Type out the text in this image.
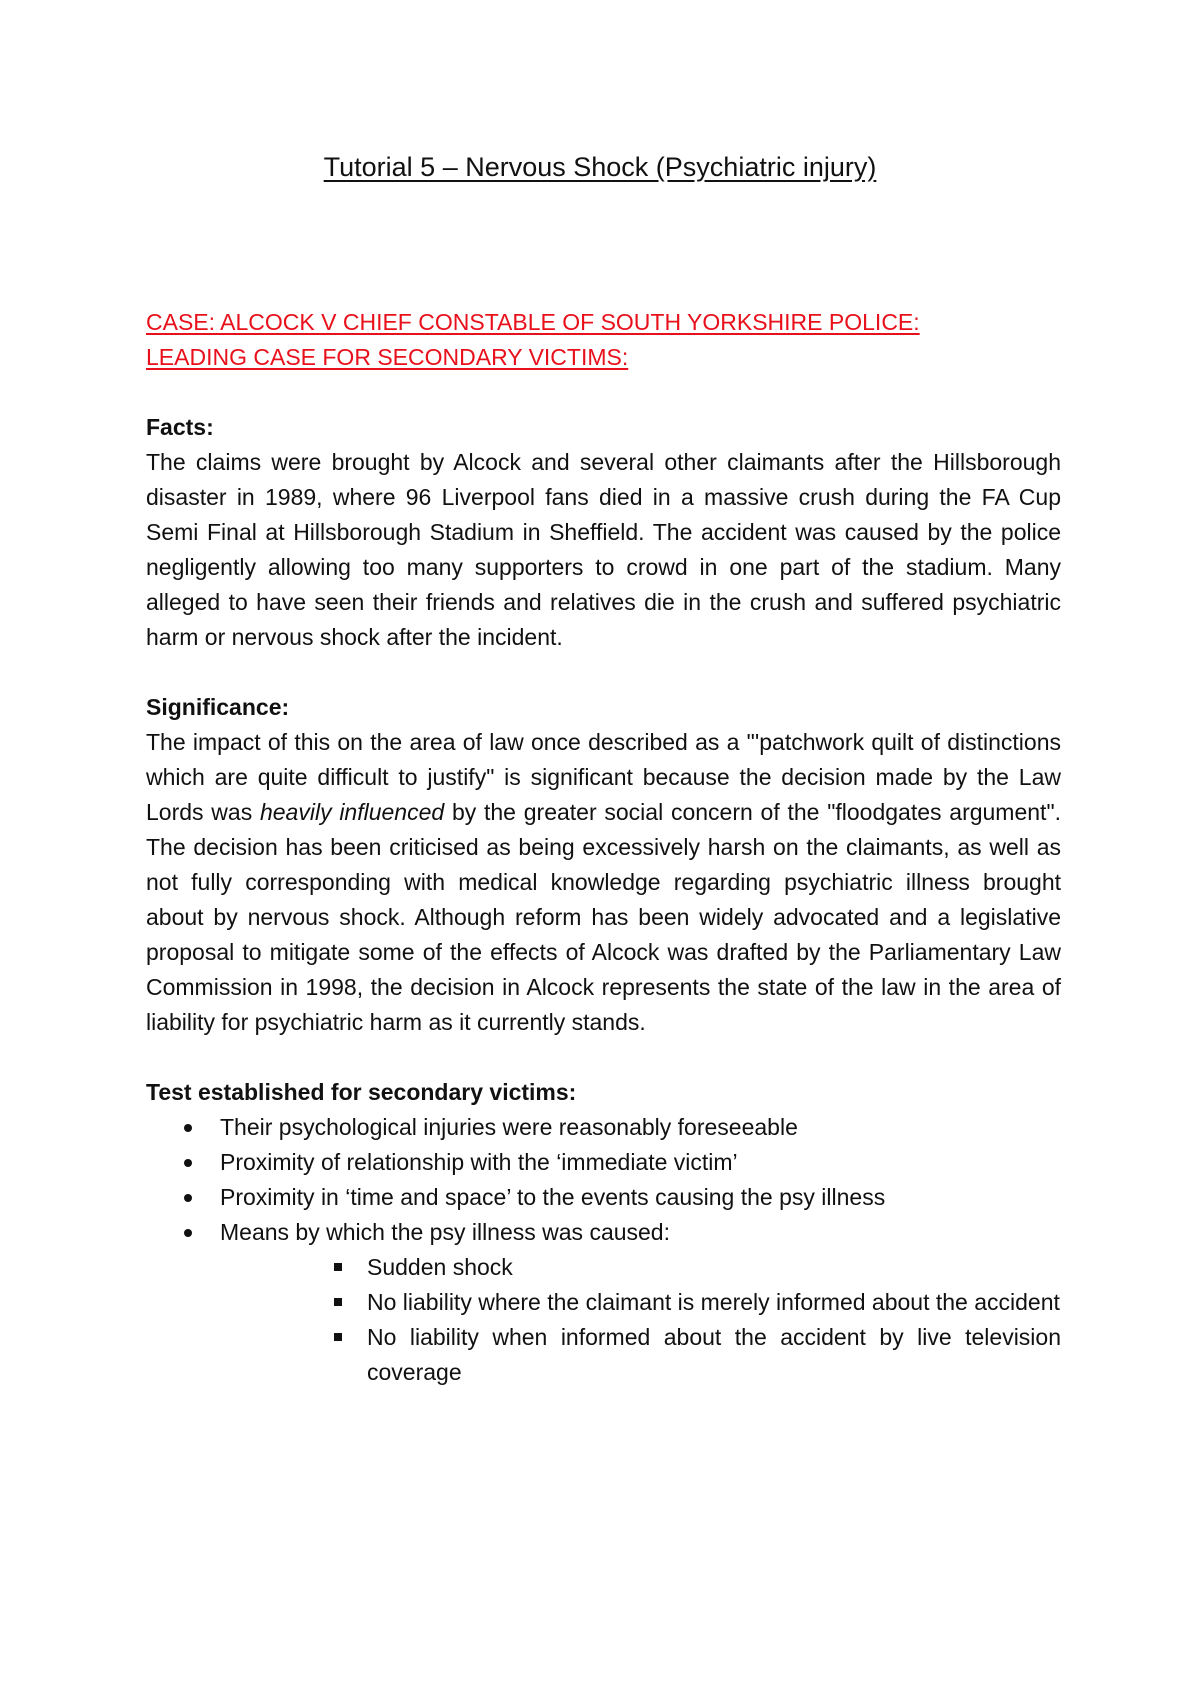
Tutorial 5 – Nervous Shock (Psychiatric injury)

CASE: ALCOCK V CHIEF CONSTABLE OF SOUTH YORKSHIRE POLICE:

LEADING CASE FOR SECONDARY VICTIMS:

Facts:

The claims were brought by Alcock and several other claimants after the Hillsborough disaster in 1989, where 96 Liverpool fans died in a massive crush during the FA Cup Semi Final at Hillsborough Stadium in Sheffield. The accident was caused by the police negligently allowing too many supporters to crowd in one part of the stadium. Many alleged to have seen their friends and relatives die in the crush and suffered psychiatric harm or nervous shock after the incident.

Significance:

The impact of this on the area of law once described as a "'patchwork quilt of distinctions which are quite difficult to justify" is significant because the decision made by the Law Lords was heavily influenced by the greater social concern of the "floodgates argument". The decision has been criticised as being excessively harsh on the claimants, as well as not fully corresponding with medical knowledge regarding psychiatric illness brought about by nervous shock. Although reform has been widely advocated and a legislative proposal to mitigate some of the effects of Alcock was drafted by the Parliamentary Law Commission in 1998, the decision in Alcock represents the state of the law in the area of liability for psychiatric harm as it currently stands.

Test established for secondary victims:

Their psychological injuries were reasonably foreseeable
Proximity of relationship with the ‘immediate victim’
Proximity in ‘time and space’ to the events causing the psy illness
Means by which the psy illness was caused:
Sudden shock
No liability where the claimant is merely informed about the accident
No liability when informed about the accident by live television coverage
